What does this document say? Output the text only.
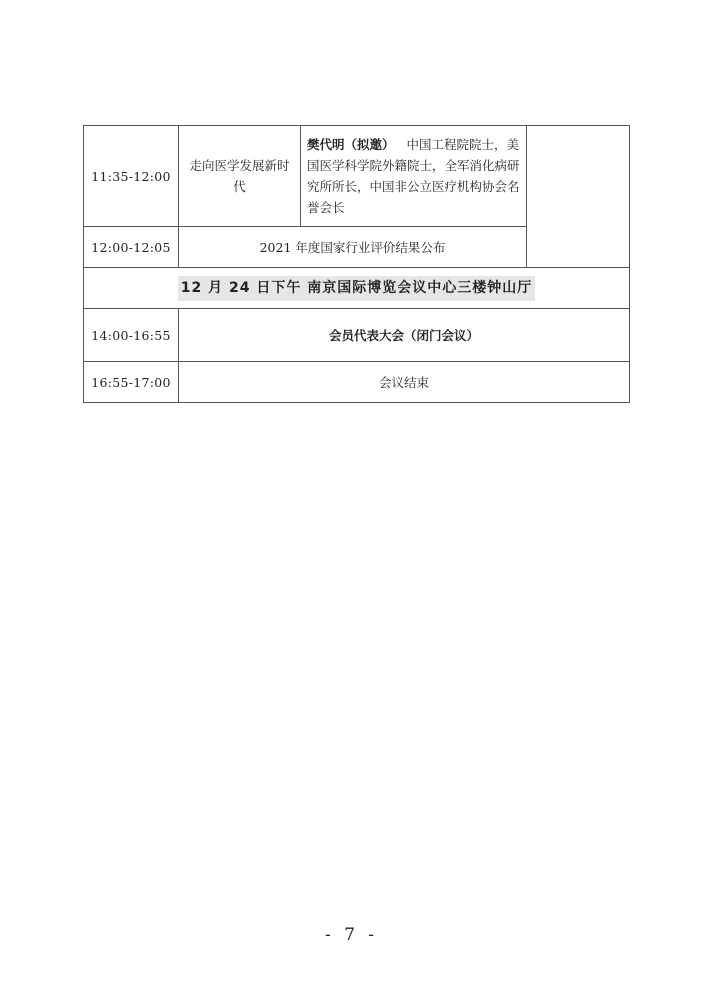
11:35-12:00	走向医学发展新时代	樊代明（拟邀） 中国工程院院士，美国医学科学院外籍院士，全军消化病研究所所长，中国非公立医疗机构协会名誉会长	
12:00-12:05	2021 年度国家行业评价结果公布		
12 月 24 日下午 南京国际博览会议中心三楼钟山厅			
14:00-16:55	会员代表大会（闭门会议）		
16:55-17:00	会议结束		
- 7 -
